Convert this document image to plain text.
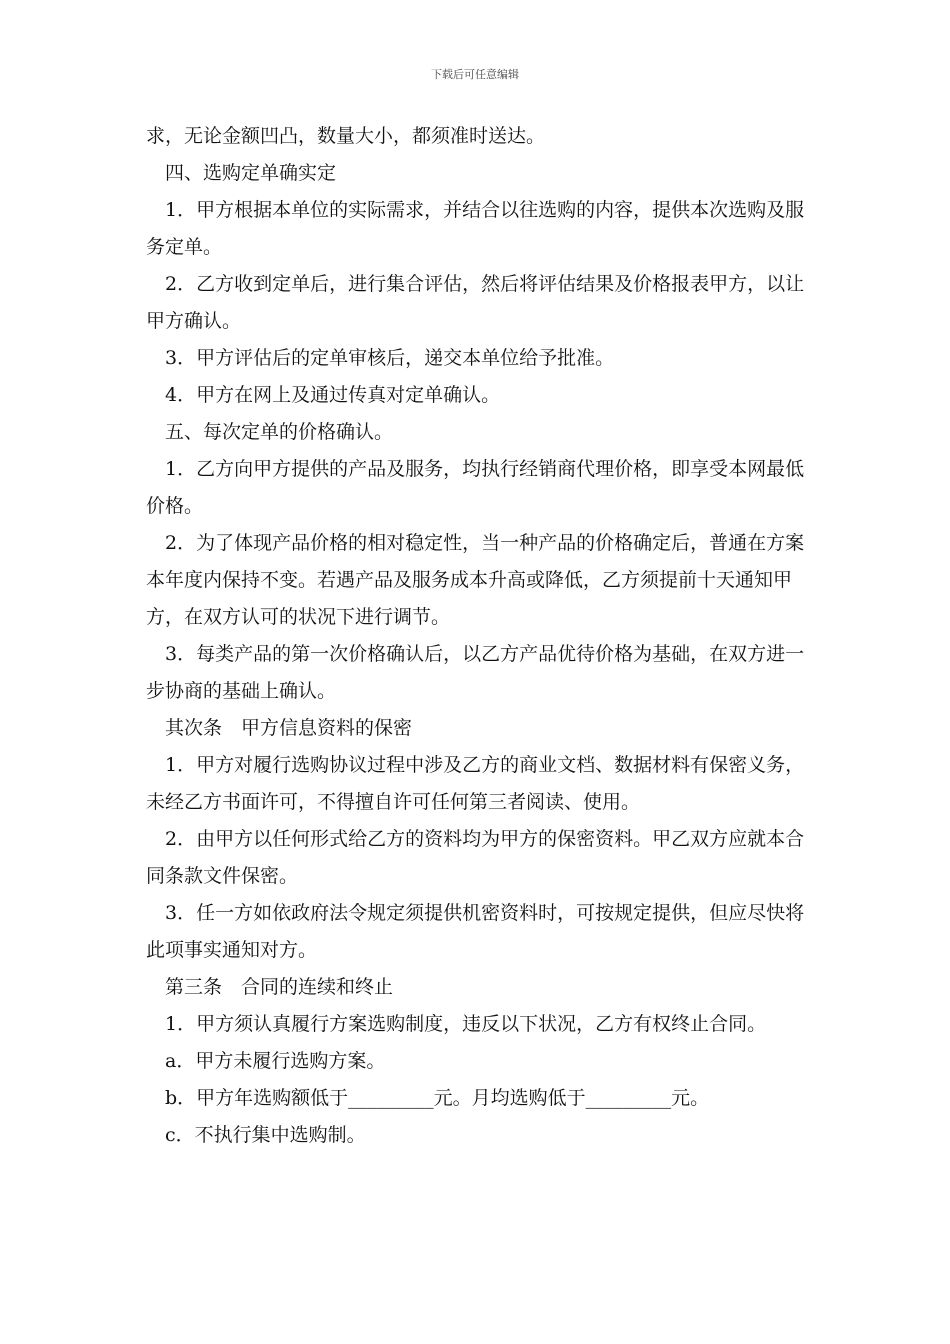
下载后可任意编辑

求，无论金额凹凸，数量大小，都须准时送达。

四、选购定单确实定

1．甲方根据本单位的实际需求，并结合以往选购的内容，提供本次选购及服务定单。

2．乙方收到定单后，进行集合评估，然后将评估结果及价格报表甲方，以让甲方确认。

3．甲方评估后的定单审核后，递交本单位给予批准。

4．甲方在网上及通过传真对定单确认。

五、每次定单的价格确认。

1．乙方向甲方提供的产品及服务，均执行经销商代理价格，即享受本网最低价格。

2．为了体现产品价格的相对稳定性，当一种产品的价格确定后，普通在方案本年度内保持不变。若遇产品及服务成本升高或降低，乙方须提前十天通知甲方，在双方认可的状况下进行调节。

3．每类产品的第一次价格确认后，以乙方产品优待价格为基础，在双方进一步协商的基础上确认。

其次条　甲方信息资料的保密

1．甲方对履行选购协议过程中涉及乙方的商业文档、数据材料有保密义务，未经乙方书面许可，不得擅自许可任何第三者阅读、使用。

2．由甲方以任何形式给乙方的资料均为甲方的保密资料。甲乙双方应就本合同条款文件保密。

3．任一方如依政府法令规定须提供机密资料时，可按规定提供，但应尽快将此项事实通知对方。

第三条　合同的连续和终止

1．甲方须认真履行方案选购制度，违反以下状况，乙方有权终止合同。

a．甲方未履行选购方案。

b．甲方年选购额低于_________元。月均选购低于_________元。

c．不执行集中选购制。
